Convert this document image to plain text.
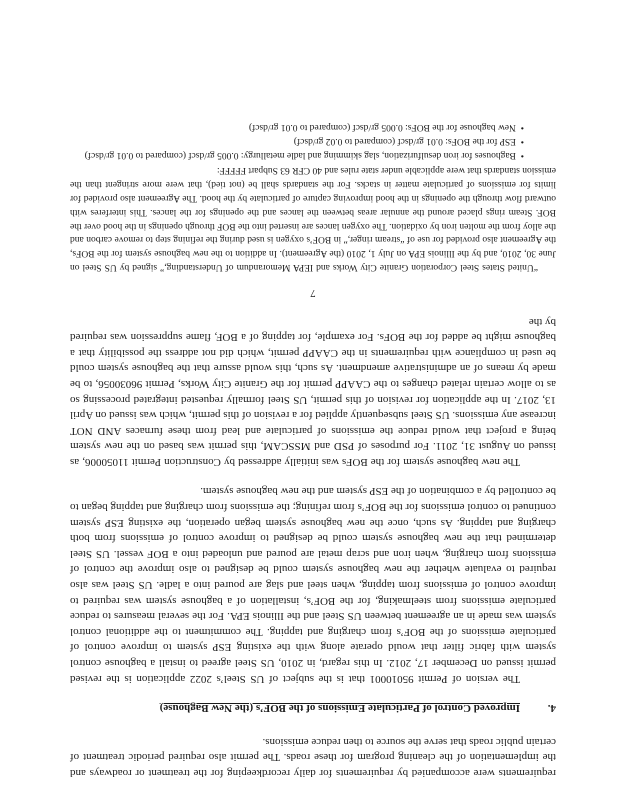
requirements were accompanied by requirements for daily recordkeeping for the treatment or roadways and the implementation of the cleaning program for these roads. The permit also required periodic treatment of certain public roads that serve the source to then reduce emissions.

4.Improved Control of Particulate Emissions of the BOF’s (the New Baghouse)

The version of Permit 95010001 that is the subject of US Steel’s 2022 application is the revised permit issued on December 17, 2012. In this regard, in 2010, US Steel agreed to install a baghouse control system with fabric filter that would operate along with the existing ESP system to improve control of particulate emissions of the BOF’s from charging and tapping. The commitment to the additional control system was made in an agreement between US Steel and the Illinois EPA. For the several measures to reduce particulate emissions from steelmaking, for the BOF’s, installation of a baghouse system was required to improve control of emissions from tapping, when steel and slag are poured into a ladle. US Steel was also required to evaluate whether the new baghouse system could be designed to also improve the control of emissions from charging, when iron and scrap metal are poured and unloaded into a BOF vessel. US Steel determined that the new baghouse system could be designed to improve control of emissions from both charging and tapping. As such, once the new baghouse system began operation, the existing ESP system continued to control emissions for the BOF’s from refining; the emissions from charging and tapping began to be controlled by a combination of the ESP system and the new baghouse system.

The new baghouse system for the BOFs was initially addressed by Construction Permit 11050006, as issued on August 31, 2011. For purposes of PSD and MSSCAM, this permit was based on the new system being a project that would reduce the emissions of particulate and lead from these furnaces AND NOT increase any emissions. US Steel subsequently applied for a revision of this permit, which was issued on April 13, 2017. In the application for revision of this permit, US Steel formally requested integrated processing so as to allow certain related changes to the CAAPP permit for the Granite City Works, Permit 96030056, to be made by means of an administrative amendment. As such, this would assure that the baghouse system could be used in compliance with requirements in the CAAPP permit, which did not address the possibility that a baghouse might be added for the BOFs. For example, for tapping of a BOF, flame suppression was required by the

7

“United States Steel Corporation Granite City Works and IEPA Memorandum of Understanding,” signed by US Steel on June 30, 2010, and by the Illinois EPA on July 1, 2010 (the Agreement). In addition to the new baghouse system for the BOFs, the Agreement also provided for use of “stream ringer,” in BOF’s oxygen is used during the refining step to remove carbon and the alloy from the molten iron by oxidation. The oxygen lances are inserted into the BOF through openings in the hood over the BOF. Steam rings placed around the annular areas between the lances and the openings for the lances. This interferes with outward flow through the openings in the hood improving capture of particulate by the hood. The Agreement also provided for limits for emissions of particulate matter in stacks. For the standards shall be (not tied), that were more stringent than the emission standards that were applicable under state rules and 40 CFR 63 Subpart FFFFF:

•  Baghouses for iron desulfurization, slag skimming and ladle metallurgy: 0.005 gr/dscf (compared to 0.01 gr/dscf)
•  ESP for the BOFs: 0.01 gr/dscf (compared to 0.02 gr/dscf)
•  New baghouse for the BOFs: 0.005 gr/dscf (compared to 0.01 gr/dscf)
